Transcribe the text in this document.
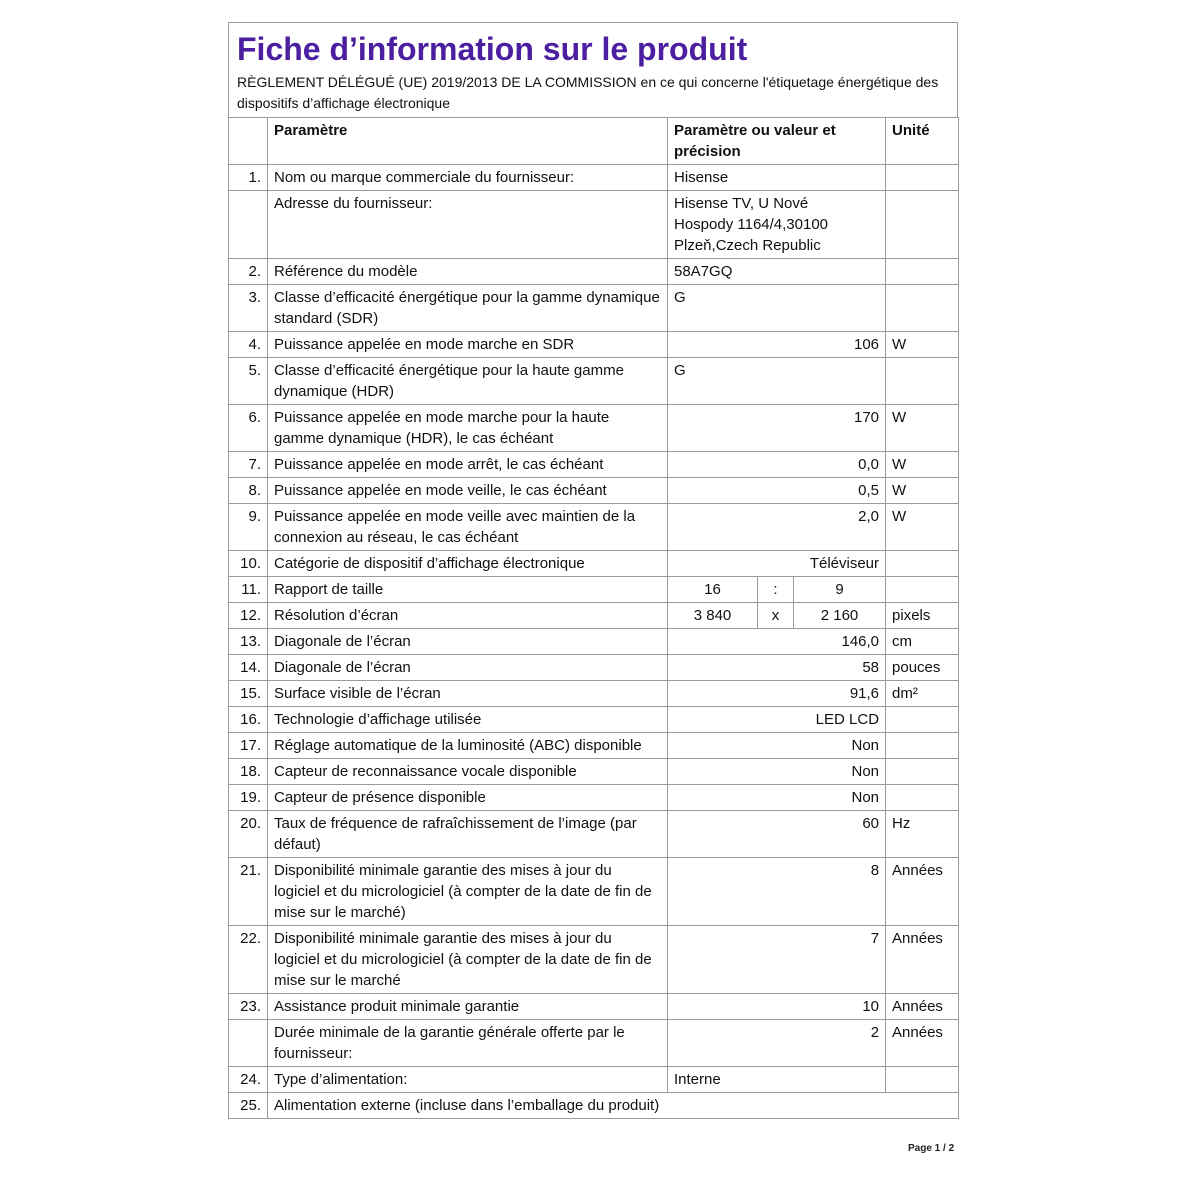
Fiche d’information sur le produit
RÈGLEMENT DÉLÉGUÉ (UE) 2019/2013 DE LA COMMISSION en ce qui concerne l'étiquetage énergétique des dispositifs d’affichage électronique
	Paramètre	Paramètre ou valeur et précision			Unité
1.	Nom ou marque commerciale du fournisseur:	Hisense			
	Adresse du fournisseur:	Hisense TV, U Nové Hospody 1164/4,30100 Plzeň,Czech Republic			
2.	Référence du modèle	58A7GQ			
3.	Classe d’efficacité énergétique pour la gamme dynamique standard (SDR)	G			
4.	Puissance appelée en mode marche en SDR	106			W
5.	Classe d’efficacité énergétique pour la haute gamme dynamique (HDR)	G			
6.	Puissance appelée en mode marche pour la haute gamme dynamique (HDR), le cas échéant	170			W
7.	Puissance appelée en mode arrêt, le cas échéant	0,0			W
8.	Puissance appelée en mode veille, le cas échéant	0,5			W
9.	Puissance appelée en mode veille avec maintien de la connexion au réseau, le cas échéant	2,0			W
10.	Catégorie de dispositif d’affichage électronique	Téléviseur			
11.	Rapport de taille	16	:	9	
12.	Résolution d’écran	3 840	x	2 160	pixels
13.	Diagonale de l’écran	146,0			cm
14.	Diagonale de l’écran	58			pouces
15.	Surface visible de l’écran	91,6			dm²
16.	Technologie d’affichage utilisée	LED LCD			
17.	Réglage automatique de la luminosité (ABC) disponible	Non			
18.	Capteur de reconnaissance vocale disponible	Non			
19.	Capteur de présence disponible	Non			
20.	Taux de fréquence de rafraîchissement de l’image (par défaut)	60			Hz
21.	Disponibilité minimale garantie des mises à jour du logiciel et du micrologiciel (à compter de la date de fin de mise sur le marché)	8			Années
22.	Disponibilité minimale garantie des mises à jour du logiciel et du micrologiciel (à compter de la date de fin de mise sur le marché	7			Années
23.	Assistance produit minimale garantie	10			Années
	Durée minimale de la garantie générale offerte par le fournisseur:	2			Années
24.	Type d’alimentation:	Interne			
25.	Alimentation externe (incluse dans l’emballage du produit)				
Page 1 / 2
